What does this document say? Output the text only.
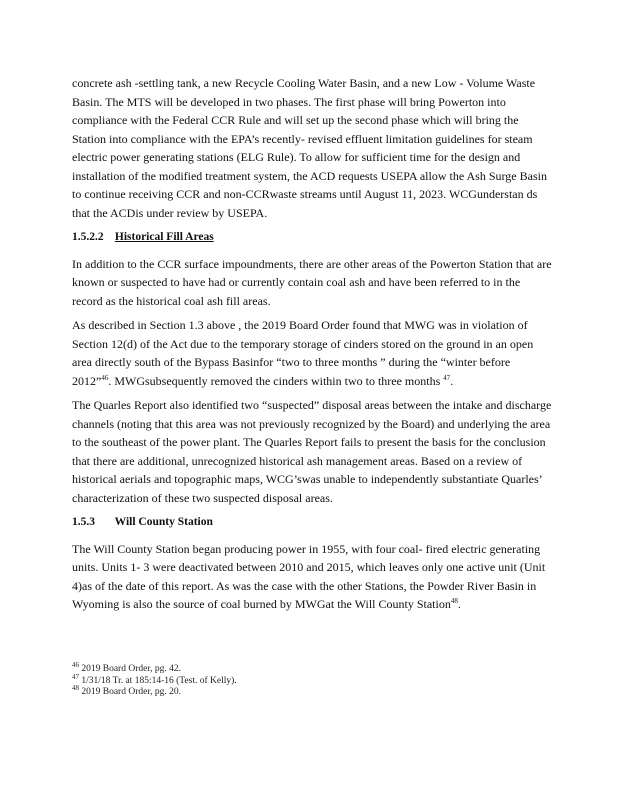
concrete ash -settling tank, a new Recycle Cooling Water Basin, and a new Low - Volume Waste Basin. The MTS will be developed in two phases. The first phase will bring Powerton into compliance with the Federal CCR Rule and will set up the second phase which will bring the Station into compliance with the EPA’s recently- revised effluent limitation guidelines for steam electric power generating stations (ELG Rule). To allow for sufficient time for the design and installation of the modified treatment system, the ACD requests USEPA allow the Ash Surge Basin to continue receiving CCR and non-CCRwaste streams until August 11, 2023. WCGunderstan ds that the ACDis under review by USEPA.

1.5.2.2 Historical Fill Areas

In addition to the CCR surface impoundments, there are other areas of the Powerton Station that are known or suspected to have had or currently contain coal ash and have been referred to in the record as the historical coal ash fill areas.

As described in Section 1.3 above , the 2019 Board Order found that MWG was in violation of Section 12(d) of the Act due to the temporary storage of cinders stored on the ground in an open area directly south of the Bypass Basinfor “two to three months ” during the “winter before 2012”$^{46}$. MWGsubsequently removed the cinders within two to three months $^{47}$.

The Quarles Report also identified two “suspected” disposal areas between the intake and discharge channels (noting that this area was not previously recognized by the Board) and underlying the area to the southeast of the power plant. The Quarles Report fails to present the basis for the conclusion that there are additional, unrecognized historical ash management areas. Based on a review of historical aerials and topographic maps, WCG’swas unable to independently substantiate Quarles’ characterization of these two suspected disposal areas.

1.5.3 Will County Station

The Will County Station began producing power in 1955, with four coal- fired electric generating units. Units 1- 3 were deactivated between 2010 and 2015, which leaves only one active unit (Unit 4)as of the date of this report. As was the case with the other Stations, the Powder River Basin in Wyoming is also the source of coal burned by MWGat the Will County Station$^{48}$.

$^{46}$ 2019 Board Order, pg. 42.

$^{47}$ 1/31/18 Tr. at 185:14-16 (Test. of Kelly).

$^{48}$ 2019 Board Order, pg. 20.
